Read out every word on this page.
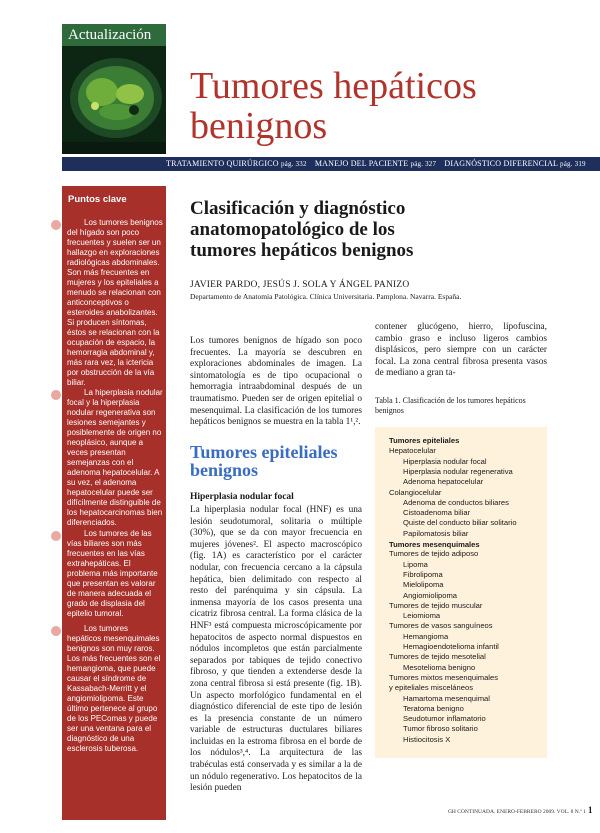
Actualización
Tumores hepáticos
benignos
TRATAMIENTO QUIRÚRGICO pág. 332 MANEJO DEL PACIENTE pág. 327 DIAGNÓSTICO DIFERENCIAL pág. 319
Puntos clave
Los tumores benignos del hígado son poco frecuentes y suelen ser un hallazgo en exploraciones radiológicas abdominales. Son más frecuentes en mujeres y los epiteliales a menudo se relacionan con anticonceptivos o esteroides anabolizantes. Si producen síntomas, éstos se relacionan con la ocupación de espacio, la hemorragia abdominal y, más rara vez, la ictericia por obstrucción de la vía biliar.
La hiperplasia nodular focal y la hiperplasia nodular regenerativa son lesiones semejantes y posiblemente de origen no neoplásico, aunque a veces presentan semejanzas con el adenoma hepatocelular. A su vez, el adenoma hepatocelular puede ser difícilmente distinguible de los hepatocarcinomas bien diferenciados.
Los tumores de las vías biliares son más frecuentes en las vías extrahepáticas. El problema más importante que presentan es valorar de manera adecuada el grado de displasia del epitelio tumoral.
Los tumores hepáticos mesenquimales benignos son muy raros. Los más frecuentes son el hemangioma, que puede causar el síndrome de Kassabach-Merritt y el angiomiolipoma. Este último pertenece al grupo de los PEComas y puede ser una ventana para el diagnóstico de una esclerosis tuberosa.
Clasificación y diagnóstico anatomopatológico de los tumores hepáticos benignos
JAVIER PARDO, JESÚS J. SOLA Y ÁNGEL PANIZO
Departamento de Anatomía Patológica. Clínica Universitaria. Pamplona. Navarra. España.
Los tumores benignos de hígado son poco frecuentes. La mayoría se descubren en exploraciones abdominales de imagen. La sintomatología es de tipo ocupacional o hemorragia intraabdominal después de un traumatismo. Pueden ser de origen epitelial o mesenquimal. La clasificación de los tumores hepáticos benignos se muestra en la tabla 1¹,².
Tumores epiteliales benignos
Hiperplasia nodular focal
La hiperplasia nodular focal (HNF) es una lesión seudotumoral, solitaria o múltiple (30%), que se da con mayor frecuencia en mujeres jóvenes². El aspecto macroscópico (fig. 1A) es característico por el carácter nodular, con frecuencia cercano a la cápsula hepática, bien delimitado con respecto al resto del parénquima y sin cápsula. La inmensa mayoría de los casos presenta una cicatriz fibrosa central. La forma clásica de la HNF³ está compuesta microscópicamente por hepatocitos de aspecto normal dispuestos en nódulos incompletos que están parcialmente separados por tabiques de tejido conectivo fibroso, y que tienden a extenderse desde la zona central fibrosa si está presente (fig. 1B). Un aspecto morfológico fundamental en el diagnóstico diferencial de este tipo de lesión es la presencia constante de un número variable de estructuras ductulares biliares incluidas en la estroma fibrosa en el borde de los nódulos³,⁴. La arquitectura de las trabéculas está conservada y es similar a la de un nódulo regenerativo. Los hepatocitos de la lesión pueden
contener glucógeno, hierro, lipofuscina, cambio graso e incluso ligeros cambios displásicos, pero siempre con un carácter focal. La zona central fibrosa presenta vasos de mediano a gran ta-
Tabla 1. Clasificación de los tumores hepáticos benignos
Tumores epiteliales
Hepatocelular
Hiperplasia nodular focal
Hiperplasia nodular regenerativa
Adenoma hepatocelular
Colangiocelular
Adenoma de conductos biliares
Cistoadenoma biliar
Quiste del conducto biliar solitario
Papilomatosis biliar
Tumores mesenquimales
Tumores de tejido adiposo
Lipoma
Fibrolipoma
Mielolipoma
Angiomiolipoma
Tumores de tejido muscular
Leiomioma
Tumores de vasos sanguíneos
Hemangioma
Hemagioendotelioma infantil
Tumores de tejido mesotelial
Mesotelioma benigno
Tumores mixtos mesenquimales
y epiteliales misceláneos
Hamartoma mesenquimal
Teratoma benigno
Seudotumor inflamatorio
Tumor fibroso solitario
Histiocitosis X
GH CONTINUADA. ENERO-FEBRERO 2009. VOL. 8 N.º 1 1
